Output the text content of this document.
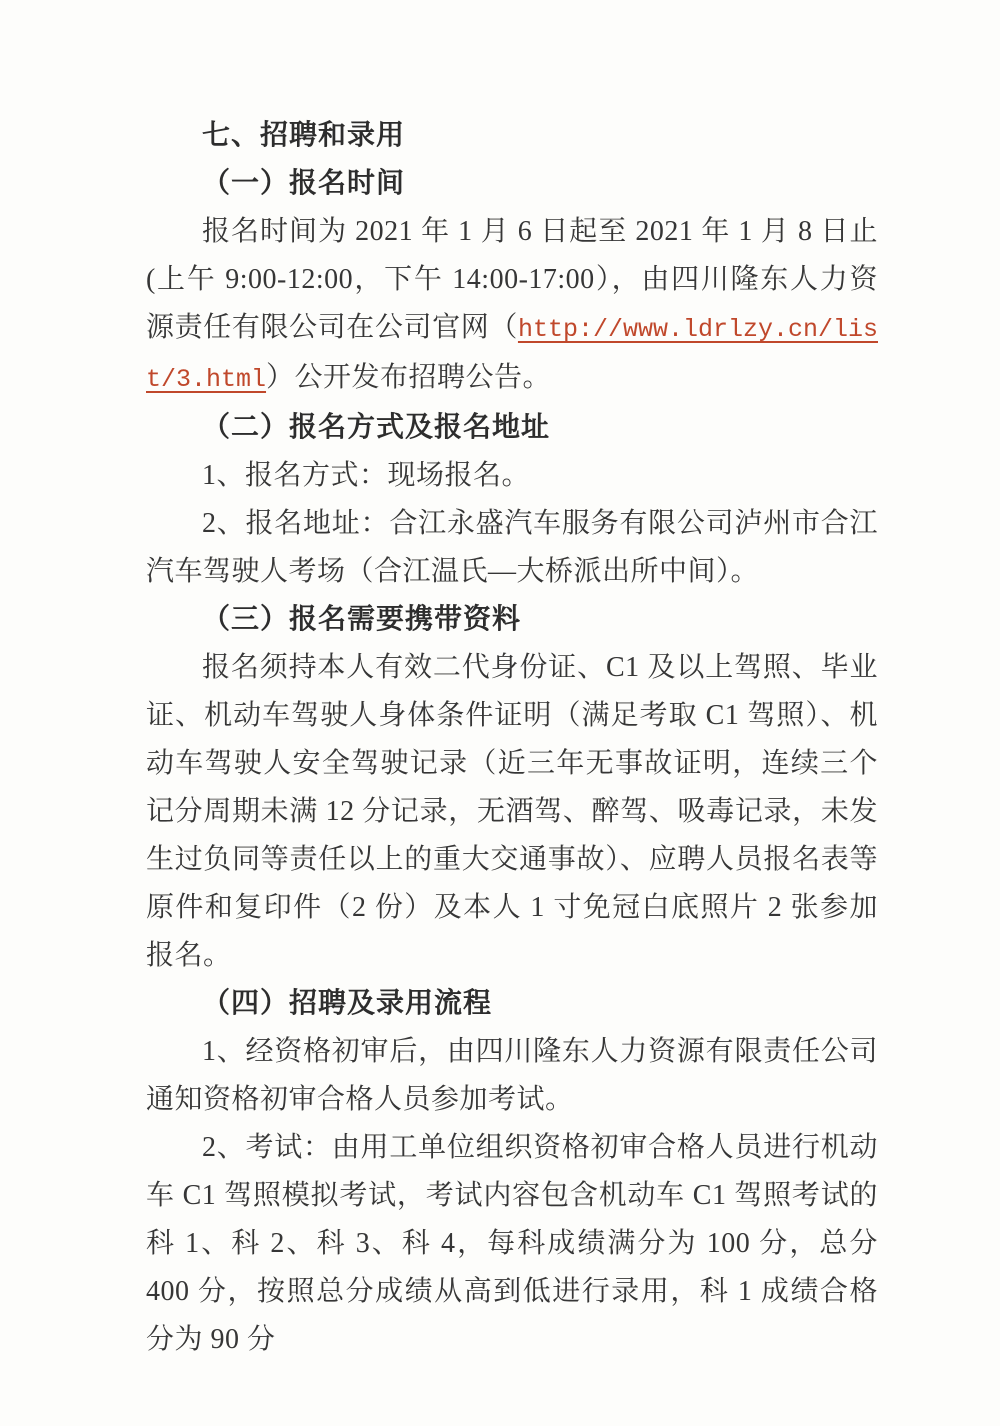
七、招聘和录用
（一）报名时间

报名时间为 2021 年 1 月 6 日起至 2021 年 1 月 8 日止(上午 9:00-12:00，下午 14:00-17:00），由四川隆东人力资源责任有限公司在公司官网（http://www.ldrlzy.cn/list/3.html）公开发布招聘公告。

（二）报名方式及报名地址

1、报名方式：现场报名。

2、报名地址：合江永盛汽车服务有限公司泸州市合江汽车驾驶人考场（合江温氏—大桥派出所中间）。

（三）报名需要携带资料

报名须持本人有效二代身份证、C1 及以上驾照、毕业证、机动车驾驶人身体条件证明（满足考取 C1 驾照）、机动车驾驶人安全驾驶记录（近三年无事故证明，连续三个记分周期未满 12 分记录，无酒驾、醉驾、吸毒记录，未发生过负同等责任以上的重大交通事故）、应聘人员报名表等原件和复印件（2 份）及本人 1 寸免冠白底照片 2 张参加报名。

（四）招聘及录用流程

1、经资格初审后，由四川隆东人力资源有限责任公司通知资格初审合格人员参加考试。

2、考试：由用工单位组织资格初审合格人员进行机动车 C1 驾照模拟考试，考试内容包含机动车 C1 驾照考试的科 1、科 2、科 3、科 4，每科成绩满分为 100 分，总分 400 分，按照总分成绩从高到低进行录用，科 1 成绩合格分为 90 分
